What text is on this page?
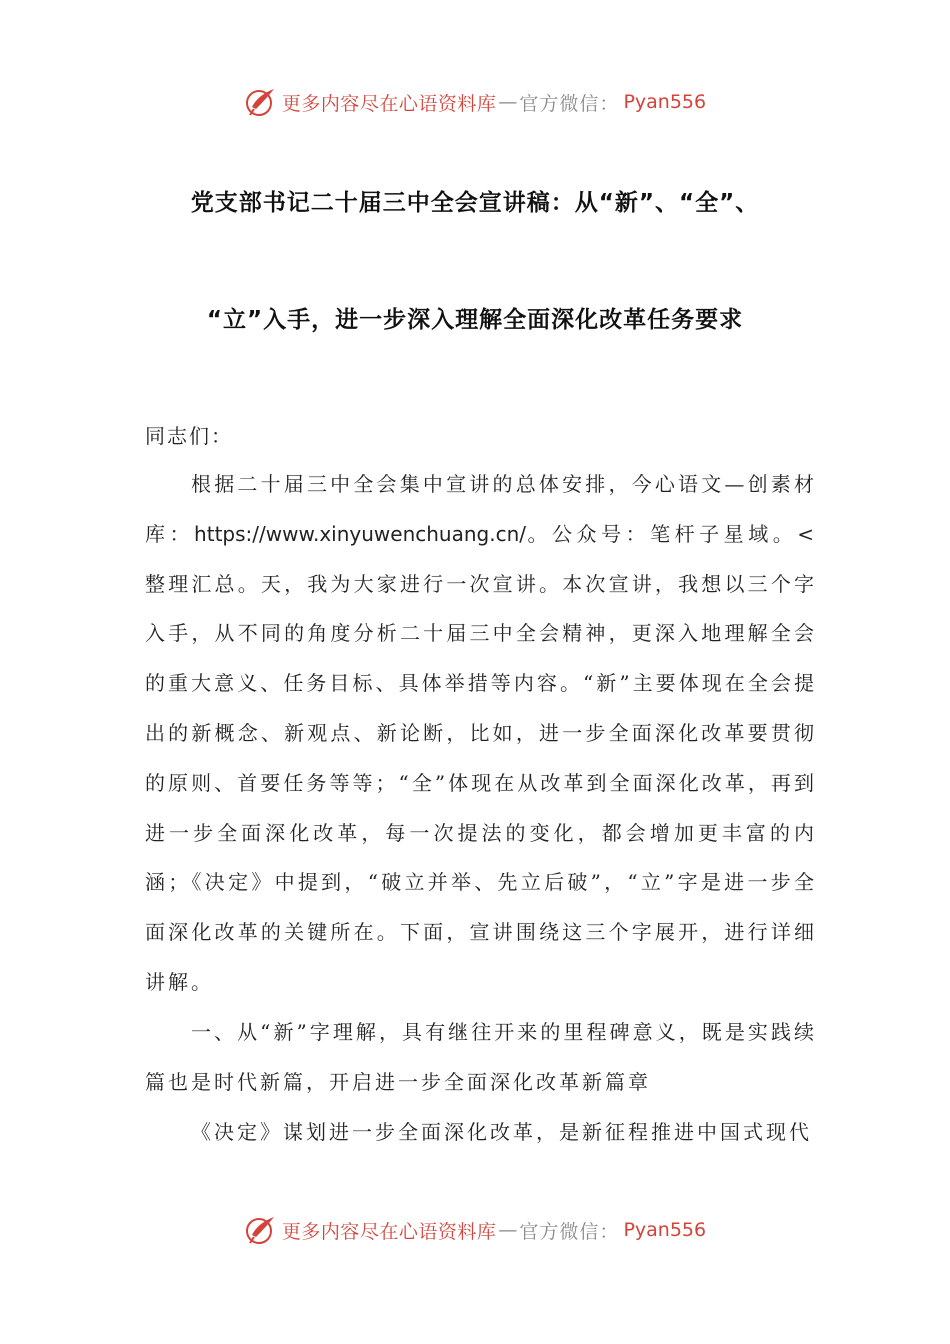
更多内容尽在心语资料库 — 官方微信： Pyan556
党支部书记二十届三中全会宣讲稿：从“新”、“全”、
“立”入手，进一步深入理解全面深化改革任务要求
同志们：
根据二十届三中全会集中宣讲的总体安排，今心语文—创素材库：https://www.xinyuwenchuang.cn/。公众号：笔杆子星域。<整理汇总。天，我为大家进行一次宣讲。本次宣讲，我想以三个字入手，从不同的角度分析二十届三中全会精神，更深入地理解全会的重大意义、任务目标、具体举措等内容。“新”主要体现在全会提出的新概念、新观点、新论断，比如，进一步全面深化改革要贯彻的原则、首要任务等等；“全”体现在从改革到全面深化改革，再到进一步全面深化改革，每一次提法的变化，都会增加更丰富的内涵；《决定》中提到，“破立并举、先立后破”，“立”字是进一步全面深化改革的关键所在。下面，宣讲围绕这三个字展开，进行详细讲解。
一、从“新”字理解，具有继往开来的里程碑意义，既是实践续篇也是时代新篇，开启进一步全面深化改革新篇章
《决定》谋划进一步全面深化改革，是新征程推进中国式现代
更多内容尽在心语资料库 — 官方微信： Pyan556
